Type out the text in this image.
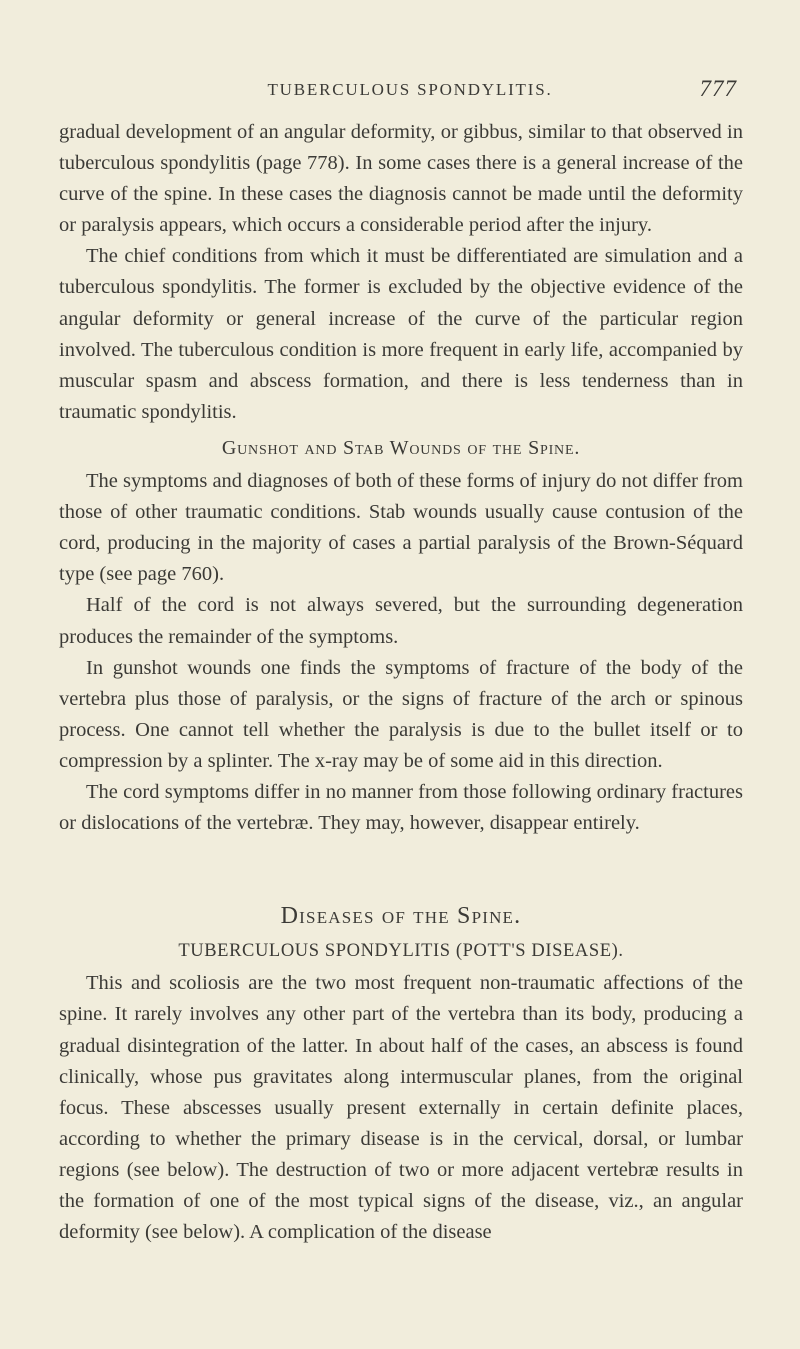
TUBERCULOUS SPONDYLITIS.	777

gradual development of an angular deformity, or gibbus, similar to that observed in tuberculous spondylitis (page 778). In some cases there is a general increase of the curve of the spine. In these cases the diagnosis cannot be made until the deformity or paralysis appears, which occurs a considerable period after the injury.

The chief conditions from which it must be differentiated are simulation and a tuberculous spondylitis. The former is excluded by the objective evidence of the angular deformity or general increase of the curve of the particular region involved. The tuberculous condition is more frequent in early life, accompanied by muscular spasm and abscess formation, and there is less tenderness than in traumatic spondylitis.

Gunshot and Stab Wounds of the Spine.

The symptoms and diagnoses of both of these forms of injury do not differ from those of other traumatic conditions. Stab wounds usually cause contusion of the cord, producing in the majority of cases a partial paralysis of the Brown-Séquard type (see page 760).

Half of the cord is not always severed, but the surrounding degeneration produces the remainder of the symptoms.

In gunshot wounds one finds the symptoms of fracture of the body of the vertebra plus those of paralysis, or the signs of fracture of the arch or spinous process. One cannot tell whether the paralysis is due to the bullet itself or to compression by a splinter. The x-ray may be of some aid in this direction.

The cord symptoms differ in no manner from those following ordinary fractures or dislocations of the vertebræ. They may, however, disappear entirely.

Diseases of the Spine.
TUBERCULOUS SPONDYLITIS (POTT'S DISEASE).

This and scoliosis are the two most frequent non-traumatic affections of the spine. It rarely involves any other part of the vertebra than its body, producing a gradual disintegration of the latter. In about half of the cases, an abscess is found clinically, whose pus gravitates along intermuscular planes, from the original focus. These abscesses usually present externally in certain definite places, according to whether the primary disease is in the cervical, dorsal, or lumbar regions (see below). The destruction of two or more adjacent vertebræ results in the formation of one of the most typical signs of the disease, viz., an angular deformity (see below). A complication of the disease
